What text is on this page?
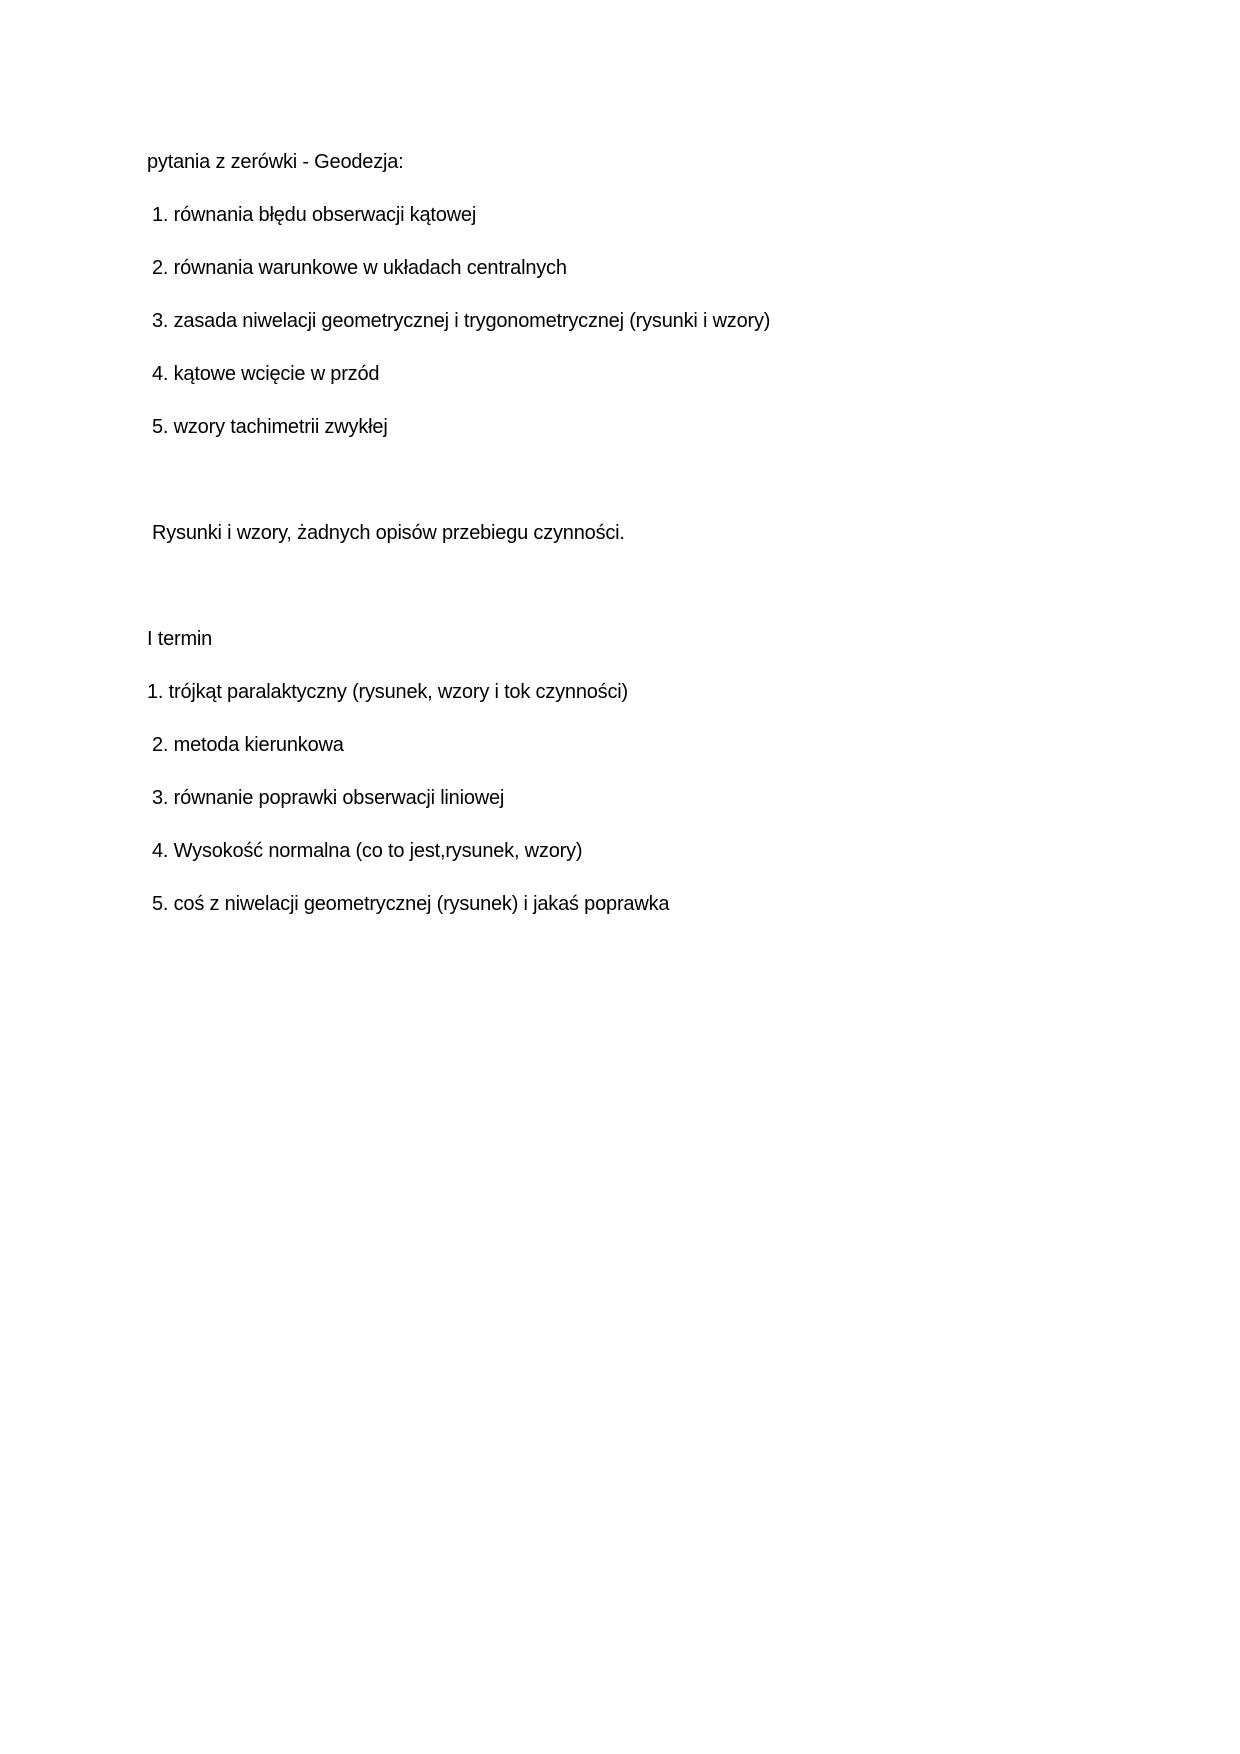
pytania z zerówki - Geodezja:
1. równania błędu obserwacji kątowej
2. równania warunkowe w układach centralnych
3. zasada niwelacji geometrycznej i trygonometrycznej (rysunki i wzory)
4. kątowe wcięcie w przód
5. wzory tachimetrii zwykłej
Rysunki i wzory, żadnych opisów przebiegu czynności.
I termin
1. trójkąt paralaktyczny (rysunek, wzory i tok czynności)
2. metoda kierunkowa
3. równanie poprawki obserwacji liniowej
4. Wysokość normalna (co to jest,rysunek, wzory)
5. coś z niwelacji geometrycznej (rysunek) i jakaś poprawka
